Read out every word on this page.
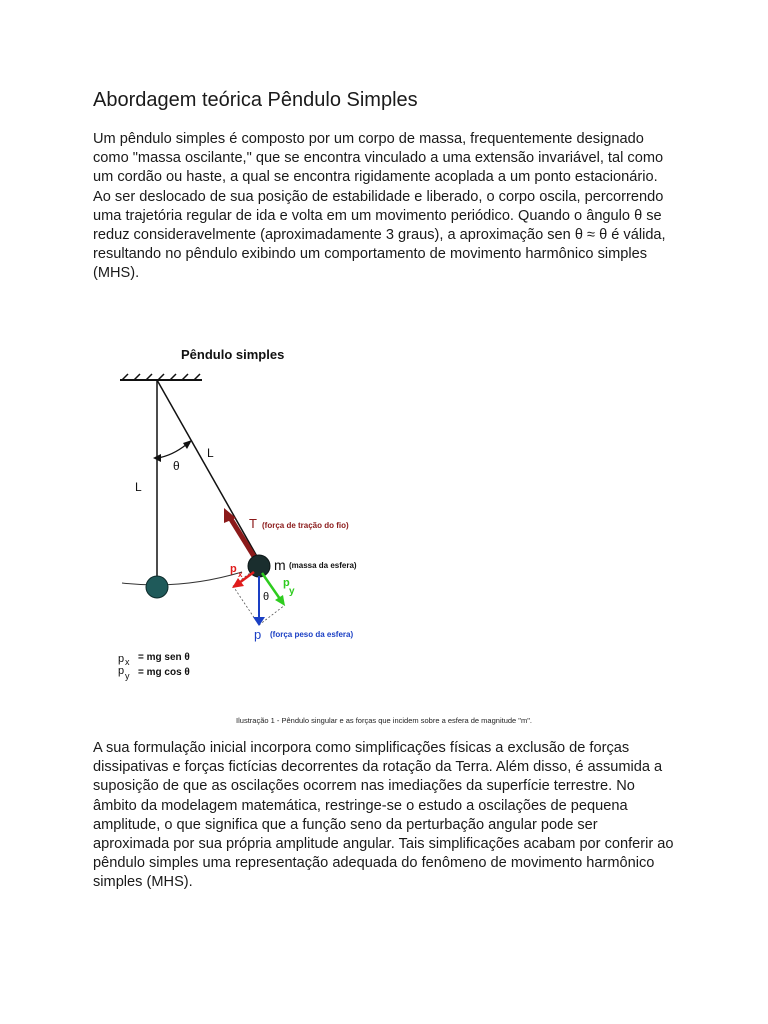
Abordagem teórica Pêndulo Simples

Um pêndulo simples é composto por um corpo de massa, frequentemente designado como "massa oscilante," que se encontra vinculado a uma extensão invariável, tal como um cordão ou haste, a qual se encontra rigidamente acoplada a um ponto estacionário. Ao ser deslocado de sua posição de estabilidade e liberado, o corpo oscila, percorrendo uma trajetória regular de ida e volta em um movimento periódico. Quando o ângulo θ se reduz consideravelmente (aproximadamente 3 graus), a aproximação sen θ ≈ θ é válida, resultando no pêndulo exibindo um comportamento de movimento harmônico simples (MHS).

Pêndulo simples
L
L
θ
θ
T (força de tração do fio)
m (massa da esfera)
p x
p
y
p (força peso da esfera)
p x = mg sen θ
p y = mg cos θ
Ilustração 1 - Pêndulo singular e as forças que incidem sobre a esfera de magnitude "m".

A sua formulação inicial incorpora como simplificações físicas a exclusão de forças dissipativas e forças fictícias decorrentes da rotação da Terra. Além disso, é assumida a suposição de que as oscilações ocorrem nas imediações da superfície terrestre. No âmbito da modelagem matemática, restringe-se o estudo a oscilações de pequena amplitude, o que significa que a função seno da perturbação angular pode ser aproximada por sua própria amplitude angular. Tais simplificações acabam por conferir ao pêndulo simples uma representação adequada do fenômeno de movimento harmônico simples (MHS).
